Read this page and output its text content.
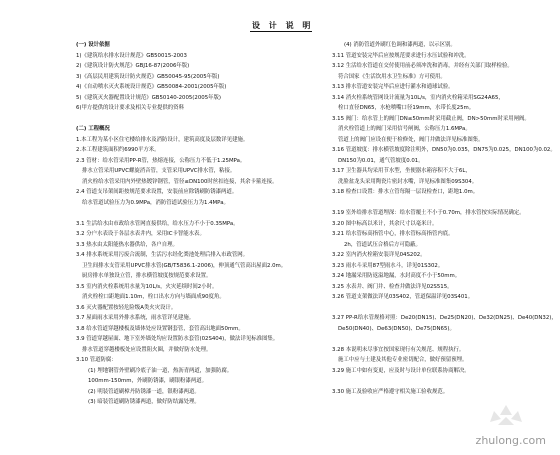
设 计 说 明
(一) 设计依据
1)《建筑给水排水设计规范》GB50015-2003
2)《建筑设计防火规范》GBJ16-87(2006年版)
3)《高层民用建筑设计防火规范》GB50045-95(2005年版)
4)《自动喷水灭火系统设计规范》GB50084-2001(2005年版)
5)《建筑灭火器配置设计规范》GB50140-2005(2005年版)
6)甲方提供的设计要求及相关专业提供的资料
(二) 工程概况
1.本工程为某小区住宅楼给排水及消防设计，建筑高度及层数详见建施。
2.本工程建筑面积约6990平方米。
2.3 管材：给水管采用PP-R管，热熔连接，公称压力不低于1.25MPa。
排水立管采用UPVC螺旋消音管，支管采用UPVC排水管，粘接。
消火栓给水管采用内外壁热镀锌钢管，管径≤DN100时丝扣连接，其余卡箍连接。
2.4 管道支吊架间距按规范要求设置，安装前应除锈刷防锈漆两道。
给水管道试验压力为0.9MPa，消防管道试验压力为1.4MPa。
3.1 生活给水由市政给水管网直接供给，给水压力不小于0.35MPa。
3.2 分户水表设于各层水表井内，采用IC卡智能水表。
3.3 热水由太阳能热水器供给，各户自理。
3.4 排水系统采用污废合流制，生活污水经化粪池处理后排入市政管网。
卫生间排水支管采用UPVC排水管(GB/T5836.1-2006)，伸顶通气管高出屋面2.0m。
厨房排水单独设立管，排水横管坡度按规范要求设置。
3.5 室内消火栓系统用水量为10L/s，火灾延续时间2小时。
消火栓栓口距地面1.10m，栓口出水方向与墙面成90度角。
3.6 灭火器配置按轻危险级A类火灾设计。
3.7 屋面雨水采用外排水系统，雨水管详见建施。
3.8 给水管道穿越楼板及墙体处应设置钢套管，套管高出地面50mm。
3.9 管道穿越屋面、地下室外墙处均应设置防水套管(02S404)，做法详见标准图集。
排水管道穿越楼板处应设置阻火圈，并做好防水处理。
3.10 管道防腐：
(1) 埋地钢管外壁刷冷底子油一道，热沥青两道，加强防腐。
100mm-150mm，外刷防锈漆，刷银粉漆两道。
(2) 明装管道刷樟丹防锈漆一道，银粉漆两道。
(3) 暗装管道刷防锈漆两道，做好防结露处理。
(4) 消防管道外刷红色调和漆两道，以示区别。
3.11 管道安装完毕后应按规范要求进行水压试验和冲洗。
3.12 生活给水管道在交付使用前必须冲洗和消毒，并经有关部门取样检验。
符合国家《生活饮用水卫生标准》方可使用。
3.13 排水管道安装完毕后应进行灌水和通球试验。
3.14 消火栓系统管网设计流量为10L/s，室内消火栓箱采用SG24A65，
栓口直径DN65，水枪喷嘴口径19mm，水带长度25m。
3.15 阀门：给水管上的阀门DN≤50mm时采用截止阀，DN>50mm时采用闸阀。
消火栓管道上的阀门采用信号闸阀，公称压力1.6MPa。
管道上的阀门应设在便于检修处，阀门井做法详见标准图集。
3.16 管道坡度：排水横管坡度除注明外，DN50为0.035，DN75为0.025，DN100为0.02。
DN150为0.01，通气管坡度0.01。
3.17 卫生器具均采用节水型，坐便器水箱容积不大于6L，
洗脸盆龙头采用陶瓷片密封水嘴，详见标准图集09S304。
3.18 检查口设置：排水立管每隔一层设检查口，距地1.0m。
3.19 室外给排水管道埋深：给水管覆土不小于0.70m，排水管按实际情况确定。
3.20 图中标高以米计，其余尺寸以毫米计。
3.21 给水管标高指管中心，排水管标高指管内底。
2h，管道试压合格后方可隐蔽。
3.22 室内消火栓箱安装详见04S202。
3.23 雨水斗采用87型雨水斗，详见01S302。
3.24 地漏采用防返溢地漏，水封高度不小于50mm。
3.25 水表井、阀门井、检查井做法详见02S515。
3.26 管道支架做法详见03S402，管道保温详见03S401。
3.27 PP-R给水管规格对照：De20(DN15)、De25(DN20)、De32(DN25)、De40(DN32)，
De50(DN40)、De63(DN50)、De75(DN65)。
3.28 本说明未尽事宜按国家现行有关规范、规程执行。
施工中应与土建及其他专业密切配合，做好预留预埋。
3.29 施工中如有变更，应及时与设计单位联系协商解决。
3.30 施工及验收应严格遵守相关施工验收规范。
zhulong.com
